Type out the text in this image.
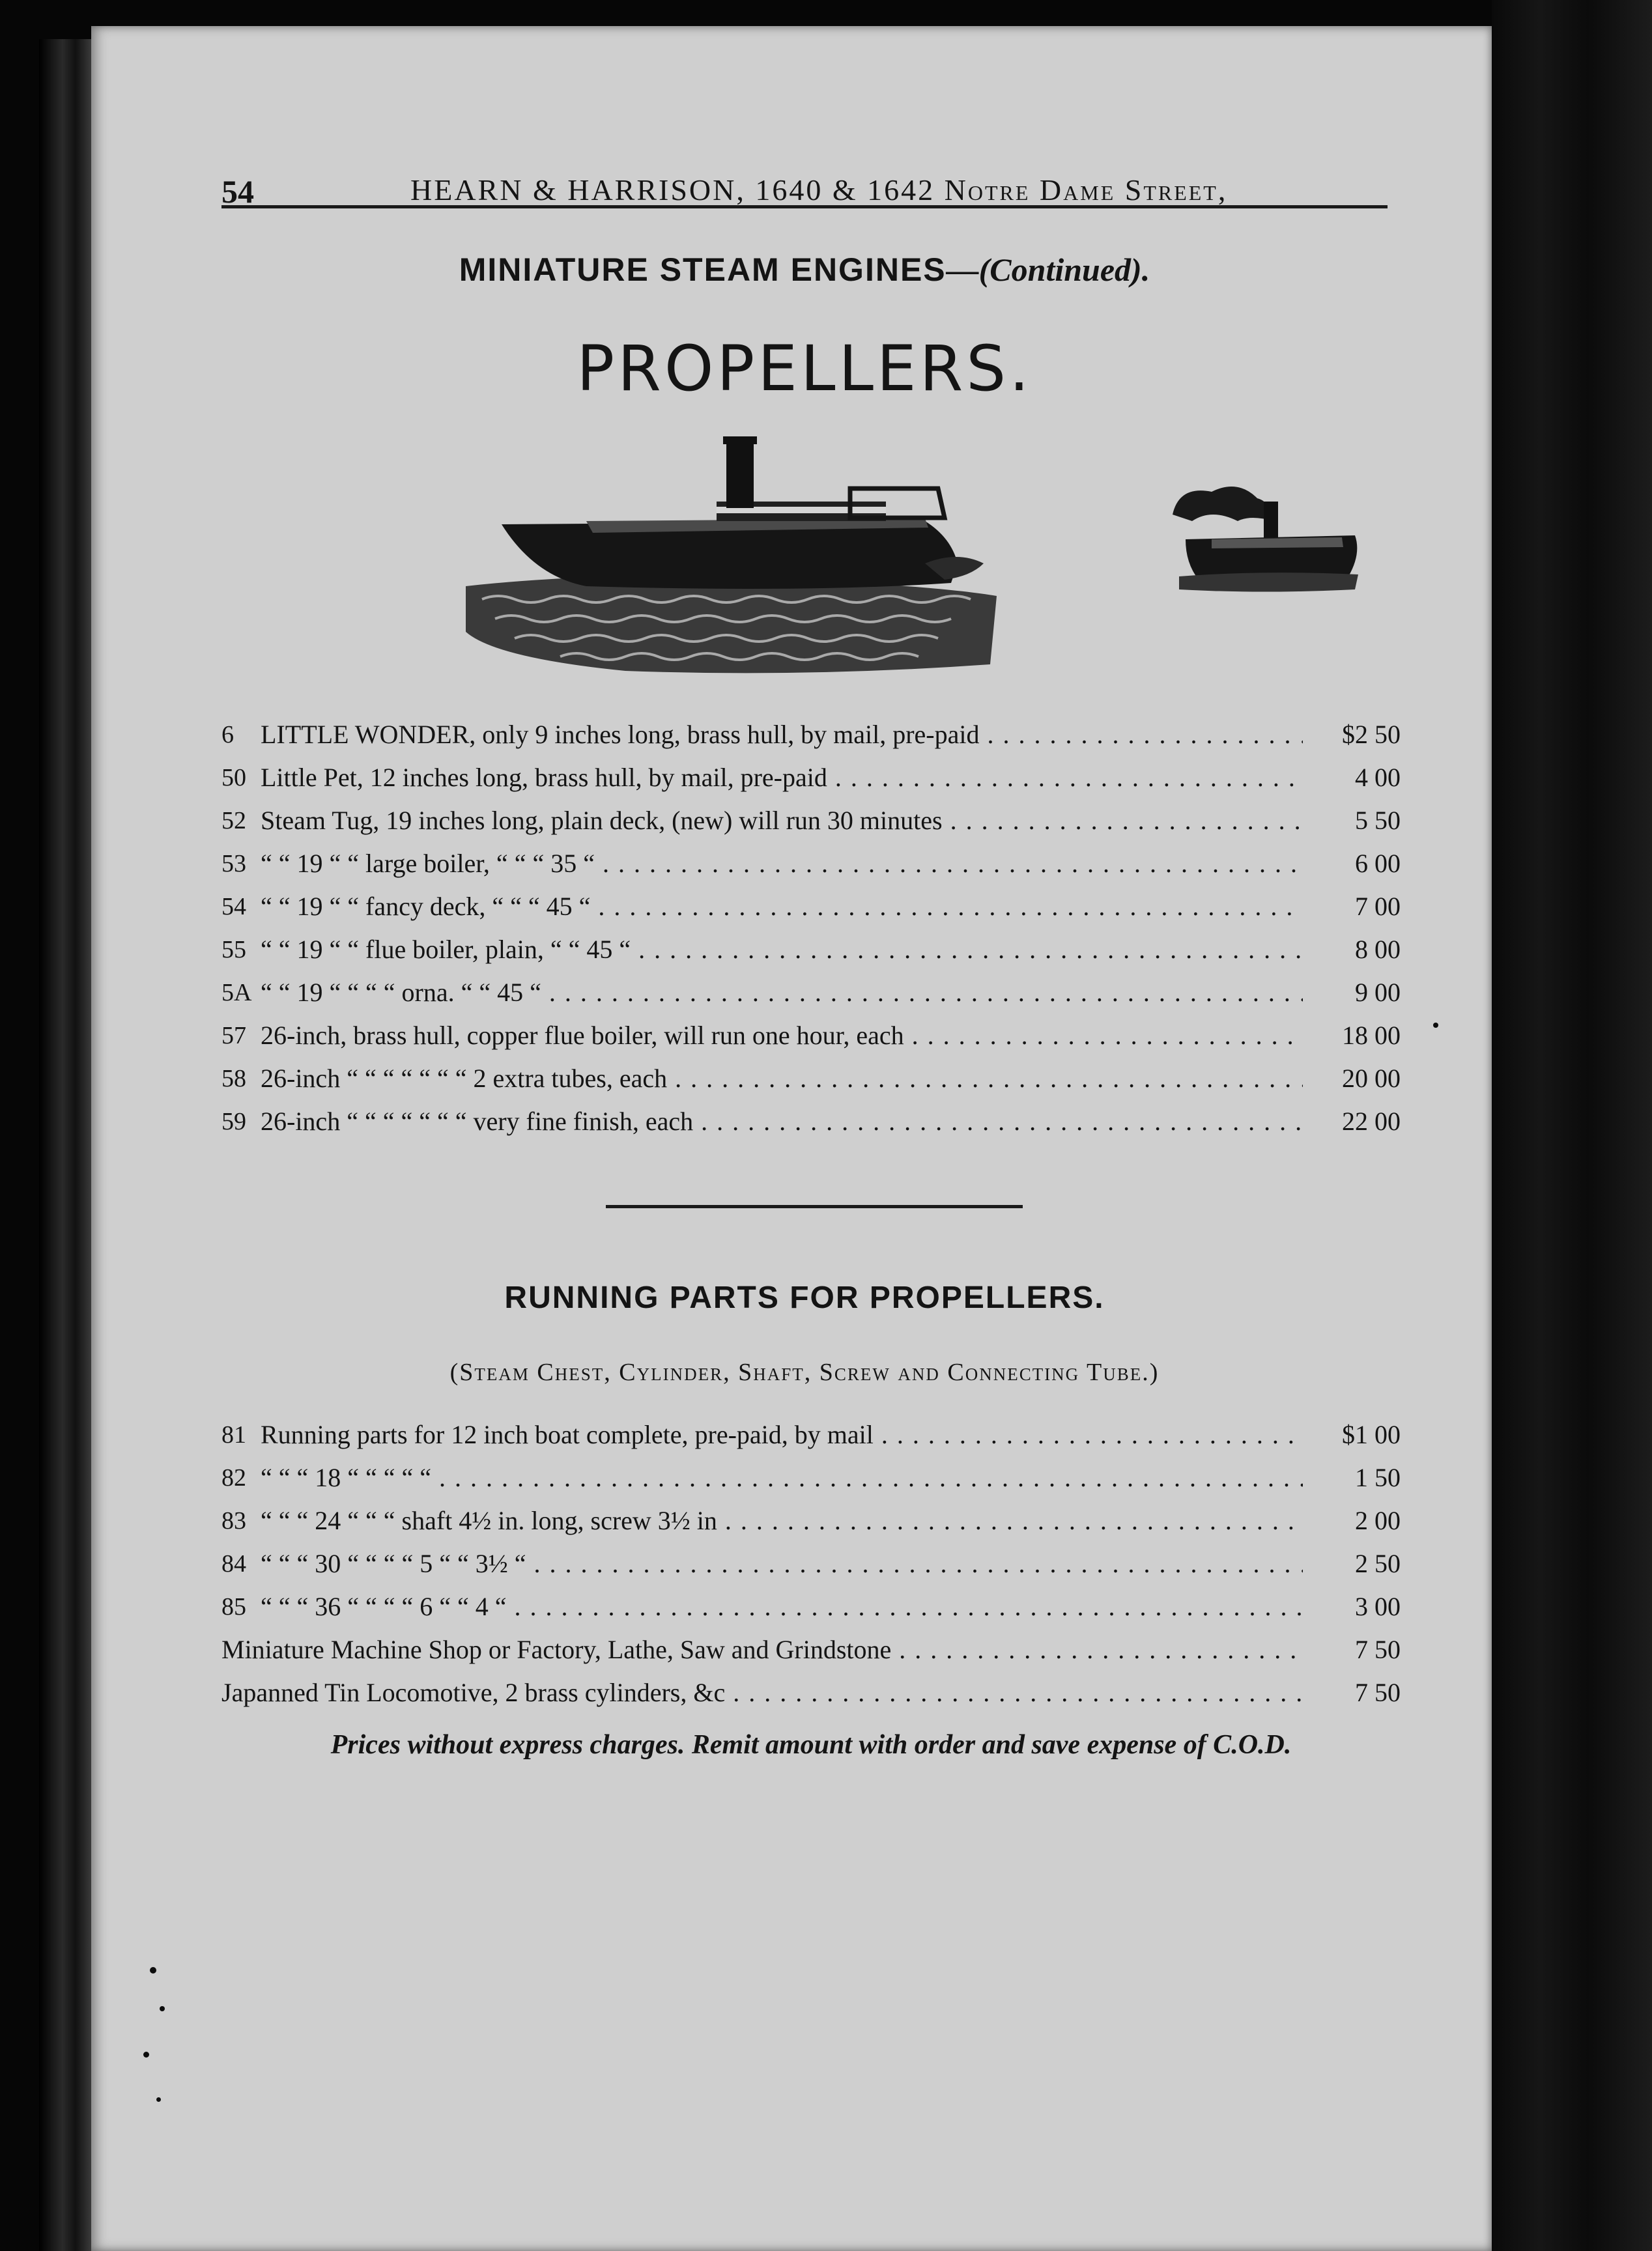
54	HEARN & HARRISON, 1640 & 1642 Notre Dame Street,
MINIATURE STEAM ENGINES—(Continued).
PROPELLERS.
6	LITTLE WONDER, only 9 inches long, brass hull, by mail, pre-paid . . .	$2 50
50 Little Pet, 12 inches long, brass hull, by mail, pre-paid . . .	4 00
52 Steam Tug, 19 inches long, plain deck, (new) will run 30 minutes . . .	5 50
53 “ “ 19 “ “ large boiler, “ “ “ 35 “ . . .	6 00
54 “ “ 19 “ “ fancy deck, “ “ “ 45 “ . . .	7 00
55 “ “ 19 “ “ flue boiler, plain, “ “ 45 “ . . .	8 00
5A “ “ 19 “ “ “ “ orna. “ “ 45 “ . . .	9 00
57 26-inch, brass hull, copper flue boiler, will run one hour, each . . .	18 00
58 26-inch “ “ “ “ “ “ “ 2 extra tubes, each . . .	20 00
59 26-inch “ “ “ “ “ “ “ very fine finish, each . . .	22 00
RUNNING PARTS FOR PROPELLERS.
(Steam Chest, Cylinder, Shaft, Screw and Connecting Tube.)
81 Running parts for 12 inch boat complete, pre-paid, by mail . . .	$1 00
82 “ “ “ 18 “ “ “ “ “ . . .	1 50
83 “ “ “ 24 “ “ “ shaft 4½ in. long, screw 3½ in . . .	2 00
84 “ “ “ 30 “ “ “ “ 5 “ “ 3½ “ . . .	2 50
85 “ “ “ 36 “ “ “ “ 6 “ “ 4 “ . . .	3 00
Miniature Machine Shop or Factory, Lathe, Saw and Grindstone . . .	7 50
Japanned Tin Locomotive, 2 brass cylinders, &c . . .	7 50
Prices without express charges. Remit amount with order and save expense of C.O.D.
